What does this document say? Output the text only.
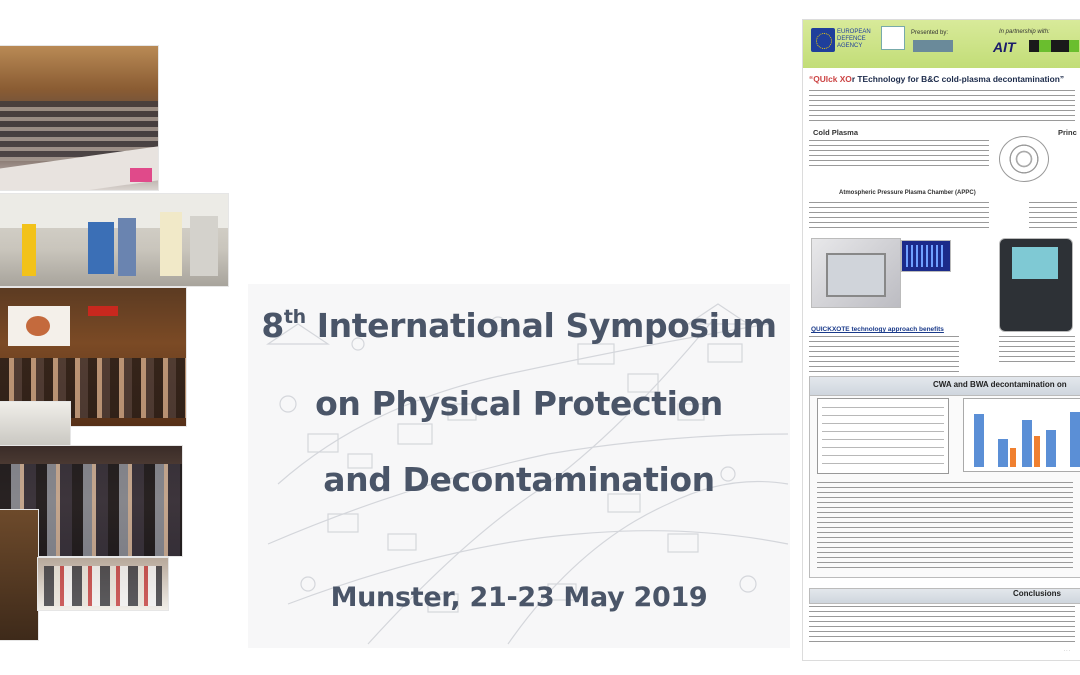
8th International Symposium
on Physical Protection
and Decontamination
Munster, 21-23 May 2019
EUROPEAN DEFENCE AGENCY
Presented by:	In partnership with:
AIT
“QUIck XOr TEchnology for B&C cold-plasma decontamination”
Cold Plasma	Princ
Atmospheric Pressure Plasma Chamber (APPC)
QUICKXOTE technology approach benefits
CWA and BWA decontamination on
Conclusions
· · ·
